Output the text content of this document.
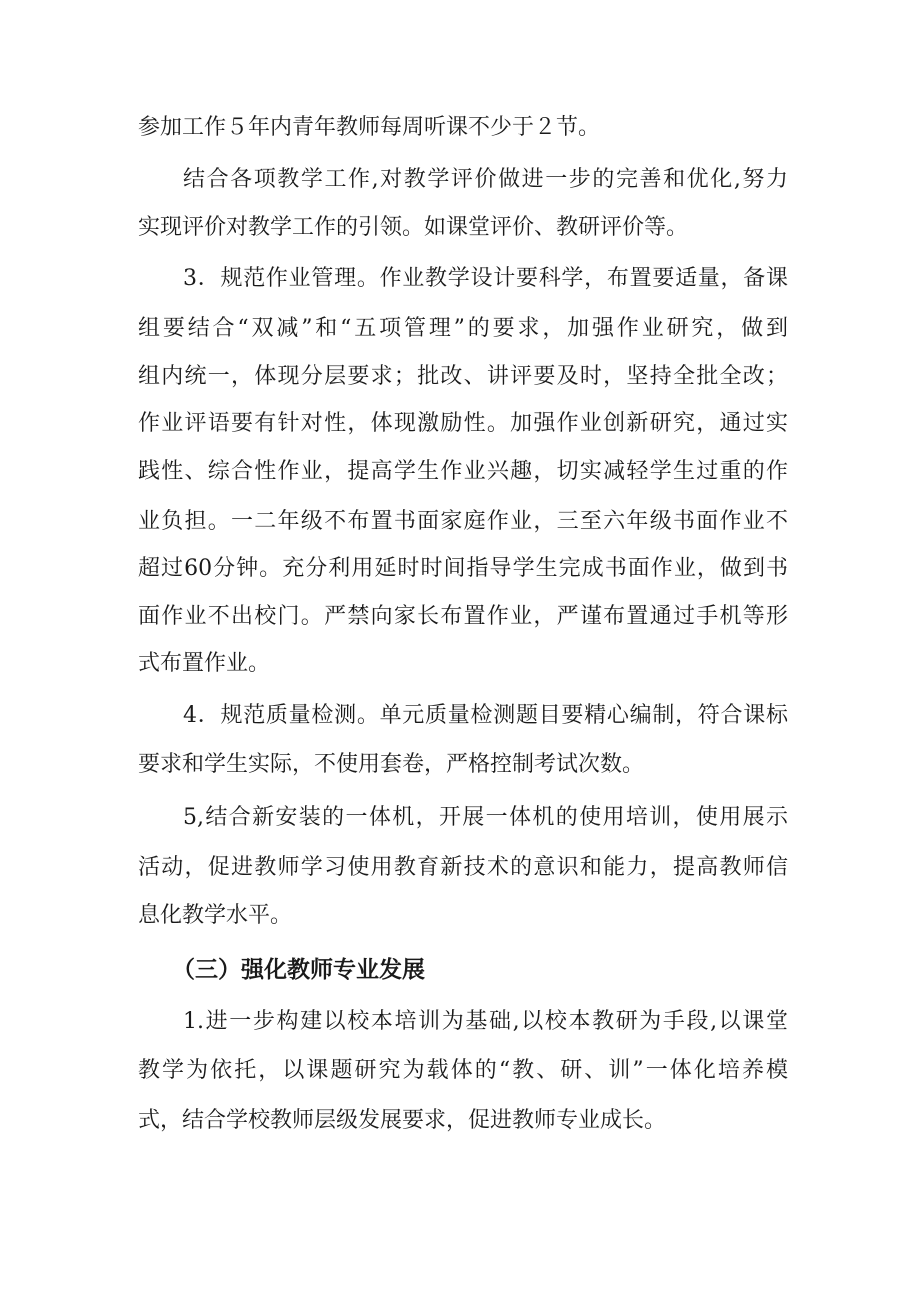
参加工作５年内青年教师每周听课不少于２节。
结合各项教学工作,对教学评价做进一步的完善和优化,努力
实现评价对教学工作的引领。如课堂评价、教研评价等。
3．规范作业管理。作业教学设计要科学，布置要适量，备课
组要结合“双减”和“五项管理”的要求，加强作业研究，做到
组内统一，体现分层要求；批改、讲评要及时，坚持全批全改；
作业评语要有针对性，体现激励性。加强作业创新研究，通过实
践性、综合性作业，提高学生作业兴趣，切实减轻学生过重的作
业负担。一二年级不布置书面家庭作业，三至六年级书面作业不
超过60分钟。充分利用延时时间指导学生完成书面作业，做到书
面作业不出校门。严禁向家长布置作业，严谨布置通过手机等形
式布置作业。
4．规范质量检测。单元质量检测题目要精心编制，符合课标
要求和学生实际，不使用套卷，严格控制考试次数。
5,结合新安装的一体机，开展一体机的使用培训，使用展示
活动，促进教师学习使用教育新技术的意识和能力，提高教师信
息化教学水平。
（三）强化教师专业发展
1.进一步构建以校本培训为基础,以校本教研为手段,以课堂
教学为依托，以课题研究为载体的“教、研、训”一体化培养模
式，结合学校教师层级发展要求，促进教师专业成长。
